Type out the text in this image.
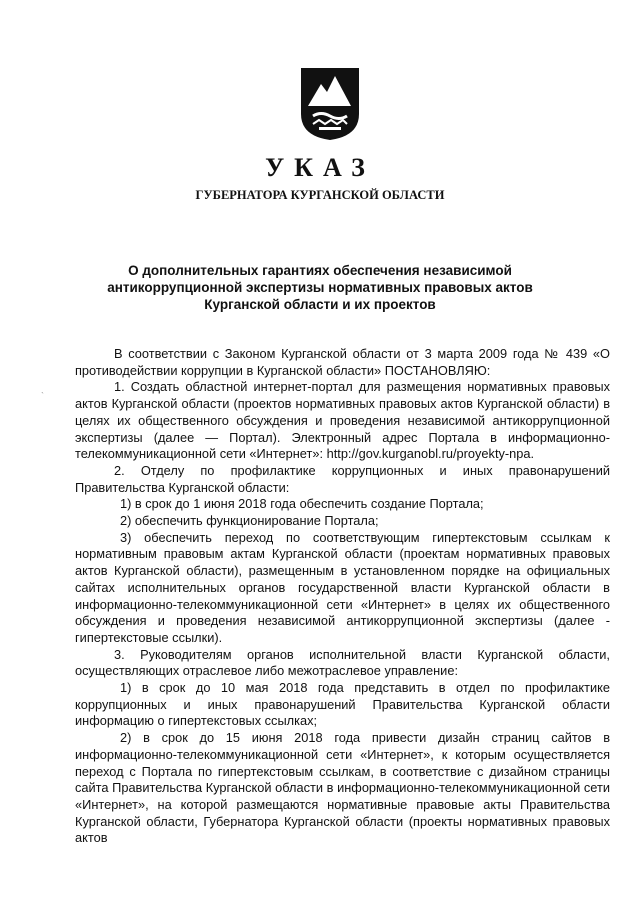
УКАЗ
ГУБЕРНАТОРА КУРГАНСКОЙ ОБЛАСТИ
О дополнительных гарантиях обеспечения независимой
антикоррупционной экспертизы нормативных правовых актов
Курганской области и их проектов
`

В соответствии с Законом Курганской области от 3 марта 2009 года № 439 «О противодействии коррупции в Курганской области» ПОСТАНОВЛЯЮ:

1. Создать областной интернет-портал для размещения нормативных правовых актов Курганской области (проектов нормативных правовых актов Курганской области) в целях их общественного обсуждения и проведения независимой антикоррупционной экспертизы (далее — Портал). Электронный адрес Портала в информационно-телекоммуникационной сети «Интернет»: http://gov.kurganobl.ru/proyekty-npa.

2. Отделу по профилактике коррупционных и иных правонарушений Правительства Курганской области:

1) в срок до 1 июня 2018 года обеспечить создание Портала;

2) обеспечить функционирование Портала;

3) обеспечить переход по соответствующим гипертекстовым ссылкам к нормативным правовым актам Курганской области (проектам нормативных правовых актов Курганской области), размещенным в установленном порядке на официальных сайтах исполнительных органов государственной власти Курганской области в информационно-телекоммуникационной сети «Интернет» в целях их общественного обсуждения и проведения независимой антикоррупционной экспертизы (далее - гипертекстовые ссылки).

3. Руководителям органов исполнительной власти Курганской области, осуществляющих отраслевое либо межотраслевое управление:

1) в срок до 10 мая 2018 года представить в отдел по профилактике коррупционных и иных правонарушений Правительства Курганской области информацию о гипертекстовых ссылках;

2) в срок до 15 июня 2018 года привести дизайн страниц сайтов в информационно-телекоммуникационной сети «Интернет», к которым осуществляется переход с Портала по гипертекстовым ссылкам, в соответствие с дизайном страницы сайта Правительства Курганской области в информационно-телекоммуникационной сети «Интернет», на которой размещаются нормативные правовые акты Правительства Курганской области, Губернатора Курганской области (проекты нормативных правовых актов
